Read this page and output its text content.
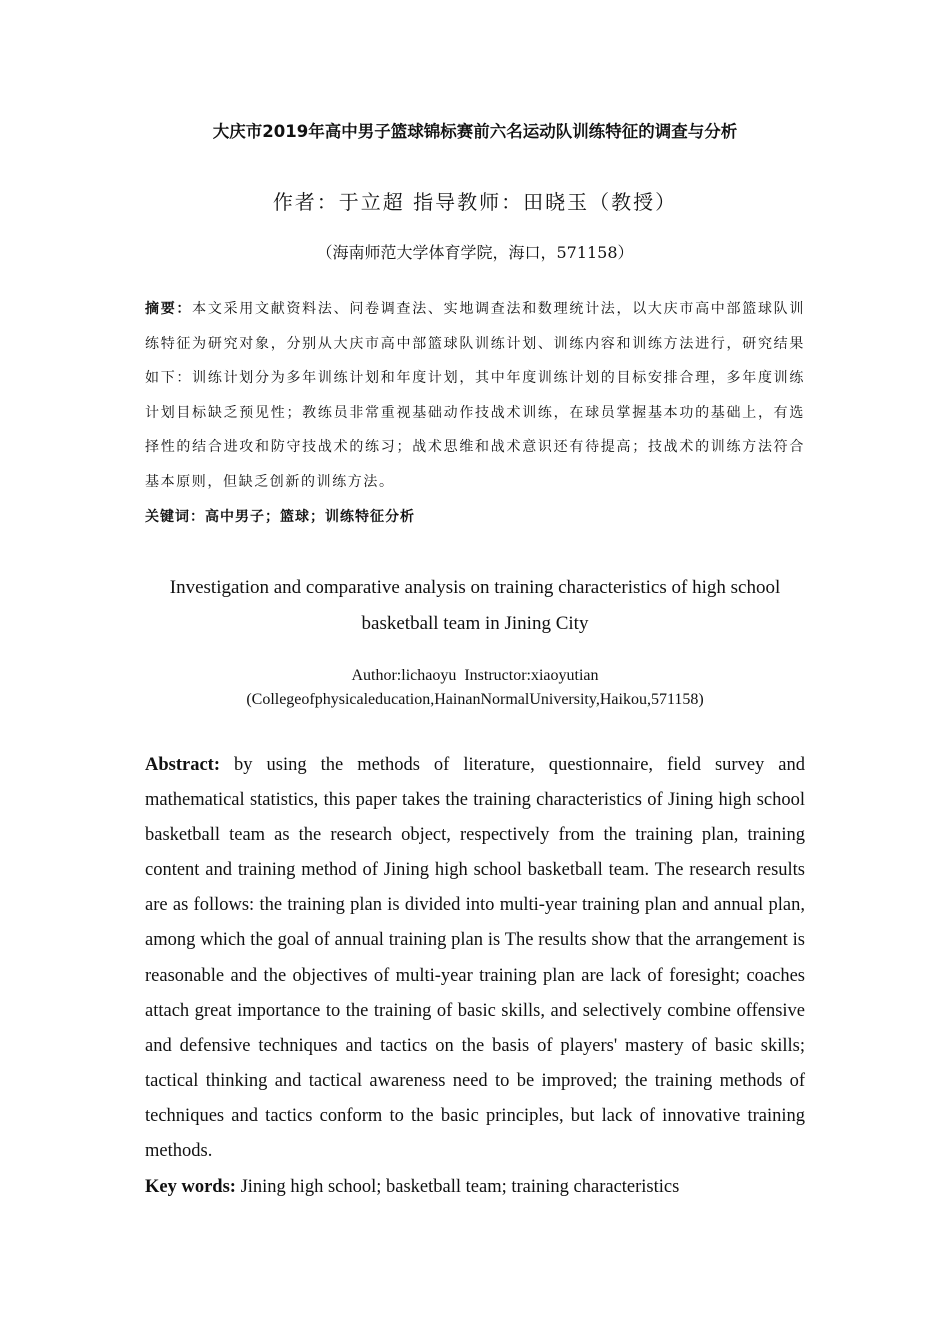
大庆市2019年高中男子篮球锦标赛前六名运动队训练特征的调查与分析
作者：于立超 指导教师：田晓玉（教授）
（海南师范大学体育学院，海口，571158）

摘要：本文采用文献资料法、问卷调查法、实地调查法和数理统计法，以大庆市高中部篮球队训练特征为研究对象，分别从大庆市高中部篮球队训练计划、训练内容和训练方法进行，研究结果如下：训练计划分为多年训练计划和年度计划，其中年度训练计划的目标安排合理，多年度训练计划目标缺乏预见性；教练员非常重视基础动作技战术训练，在球员掌握基本功的基础上，有选择性的结合进攻和防守技战术的练习；战术思维和战术意识还有待提高；技战术的训练方法符合基本原则，但缺乏创新的训练方法。

关键词：高中男子；篮球；训练特征分析

Investigation and comparative analysis on training characteristics of high school basketball team in Jining City

Author:lichaoyu  Instructor:xiaoyutian
(Collegeofphysicaleducation,HainanNormalUniversity,Haikou,571158)

Abstract: by using the methods of literature, questionnaire, field survey and mathematical statistics, this paper takes the training characteristics of Jining high school basketball team as the research object, respectively from the training plan, training content and training method of Jining high school basketball team. The research results are as follows: the training plan is divided into multi-year training plan and annual plan, among which the goal of annual training plan is The results show that the arrangement is reasonable and the objectives of multi-year training plan are lack of foresight; coaches attach great importance to the training of basic skills, and selectively combine offensive and defensive techniques and tactics on the basis of players' mastery of basic skills; tactical thinking and tactical awareness need to be improved; the training methods of techniques and tactics conform to the basic principles, but lack of innovative training methods.

Key words: Jining high school; basketball team; training characteristics
